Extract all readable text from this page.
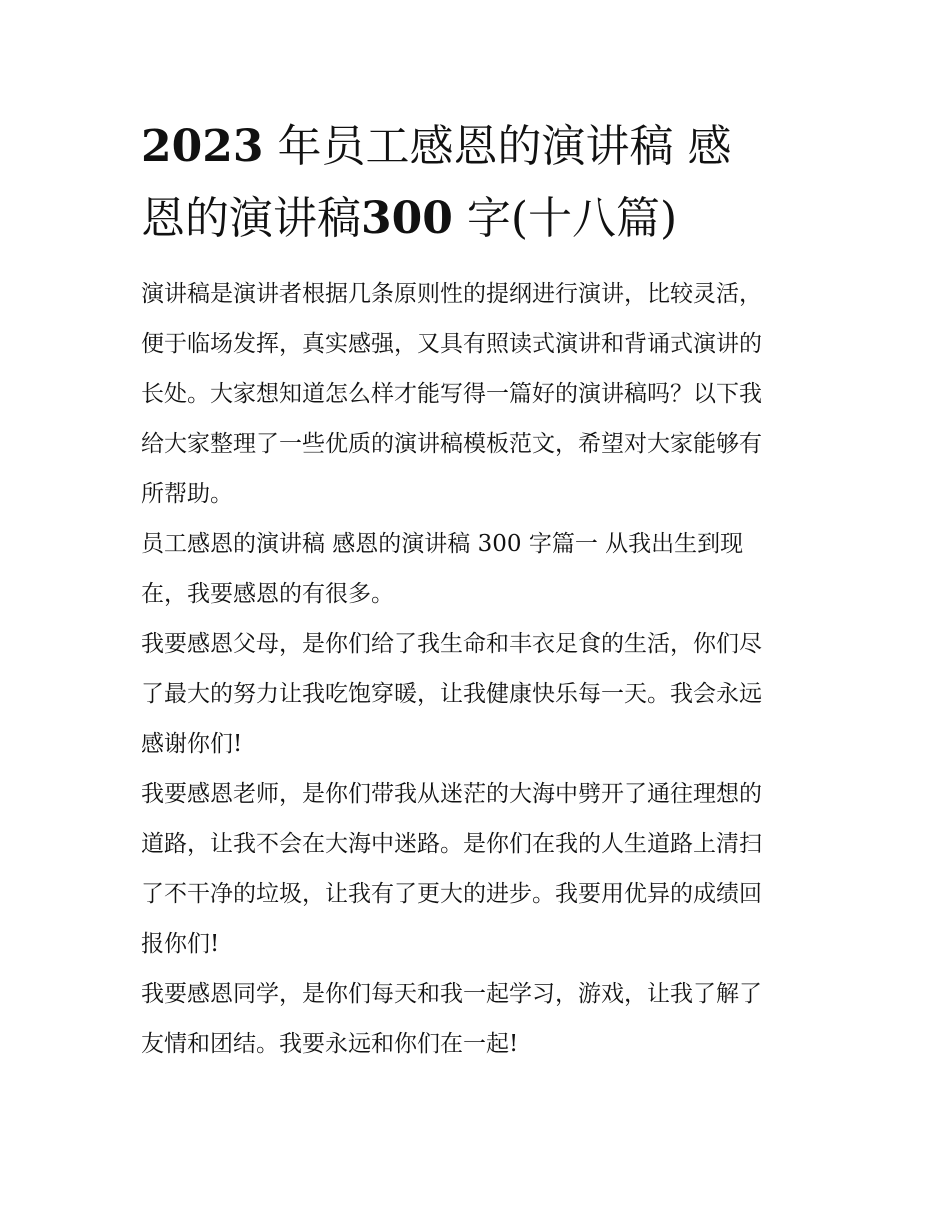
2023 年员工感恩的演讲稿 感
恩的演讲稿300 字(十八篇)

演讲稿是演讲者根据几条原则性的提纲进行演讲，比较灵活，
便于临场发挥，真实感强，又具有照读式演讲和背诵式演讲的
长处。大家想知道怎么样才能写得一篇好的演讲稿吗？以下我
给大家整理了一些优质的演讲稿模板范文，希望对大家能够有
所帮助。

员工感恩的演讲稿 感恩的演讲稿 300 字篇一 从我出生到现
在，我要感恩的有很多。

我要感恩父母，是你们给了我生命和丰衣足食的生活，你们尽
了最大的努力让我吃饱穿暖，让我健康快乐每一天。我会永远
感谢你们!

我要感恩老师，是你们带我从迷茫的大海中劈开了通往理想的
道路，让我不会在大海中迷路。是你们在我的人生道路上清扫
了不干净的垃圾，让我有了更大的进步。我要用优异的成绩回
报你们!

我要感恩同学，是你们每天和我一起学习，游戏，让我了解了
友情和团结。我要永远和你们在一起!
